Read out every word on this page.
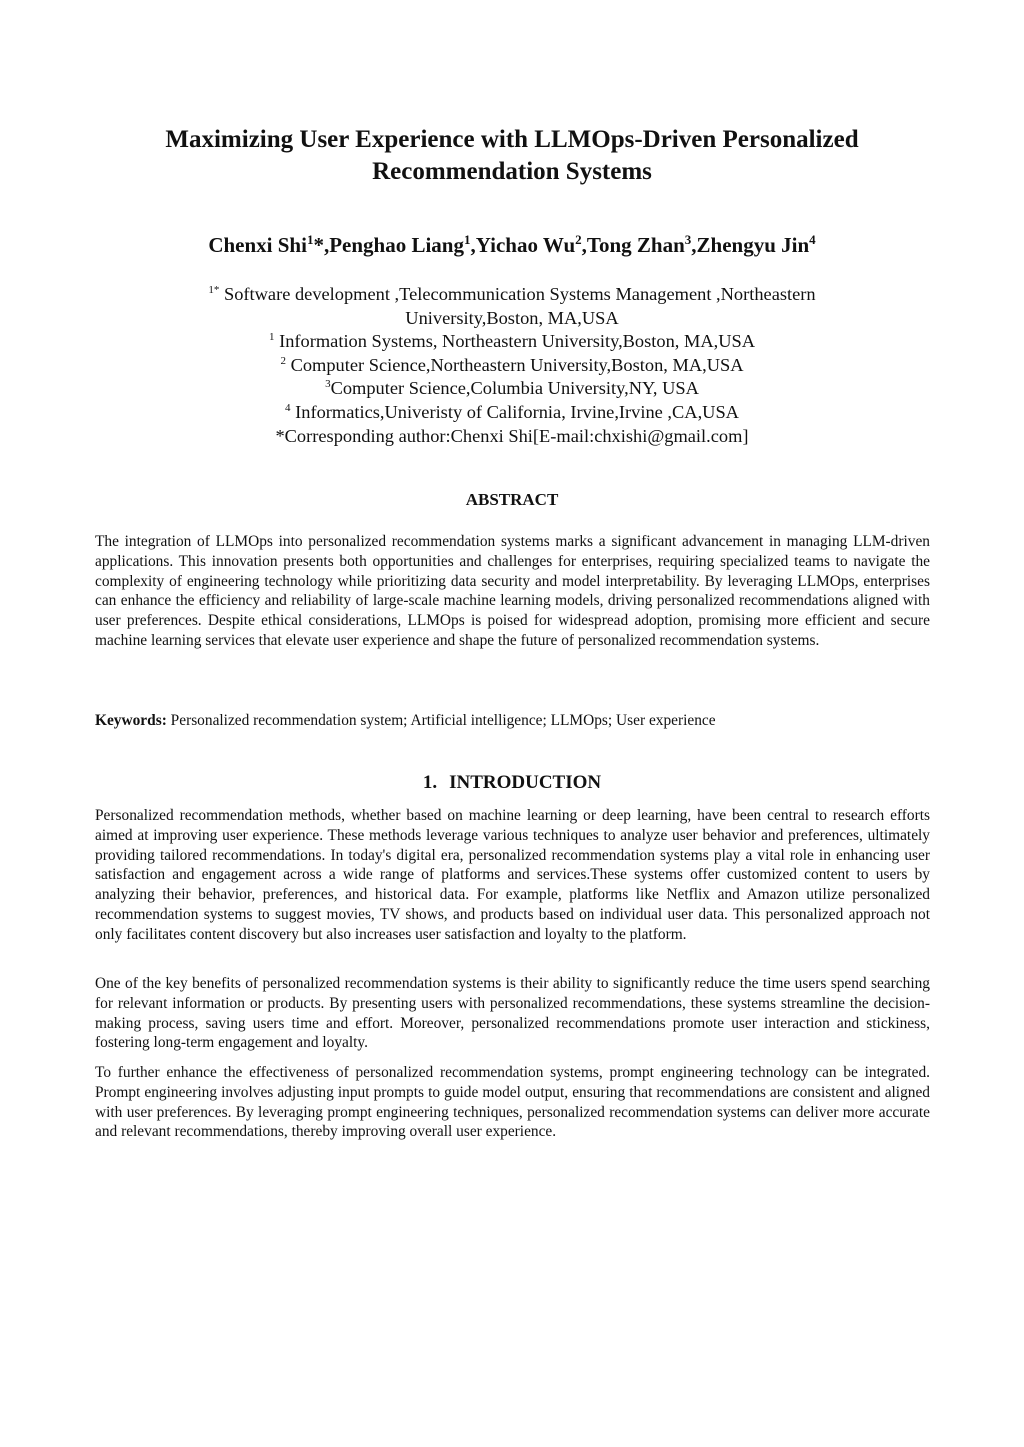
Maximizing User Experience with LLMOps-Driven Personalized
Recommendation Systems
Chenxi Shi$^1$*,Penghao Liang$^1$,Yichao Wu$^2$,Tong Zhan$^3$,Zhengyu Jin$^4$
$^{1*}$ Software development ,Telecommunication Systems Management ,Northeastern
University,Boston, MA,USA
$^1$ Information Systems, Northeastern University,Boston, MA,USA
$^2$ Computer Science,Northeastern University,Boston, MA,USA
$^3$Computer Science,Columbia University,NY, USA
$^4$ Informatics,Univeristy of California, Irvine,Irvine ,CA,USA
*Corresponding author:Chenxi Shi[E-mail:chxishi@gmail.com]
ABSTRACT

The integration of LLMOps into personalized recommendation systems marks a significant advancement in managing LLM-driven applications. This innovation presents both opportunities and challenges for enterprises, requiring specialized teams to navigate the complexity of engineering technology while prioritizing data security and model interpretability. By leveraging LLMOps, enterprises can enhance the efficiency and reliability of large-scale machine learning models, driving personalized recommendations aligned with user preferences. Despite ethical considerations, LLMOps is poised for widespread adoption, promising more efficient and secure machine learning services that elevate user experience and shape the future of personalized recommendation systems.

Keywords: Personalized recommendation system; Artificial intelligence; LLMOps; User experience

1. INTRODUCTION

Personalized recommendation methods, whether based on machine learning or deep learning, have been central to research efforts aimed at improving user experience. These methods leverage various techniques to analyze user behavior and preferences, ultimately providing tailored recommendations. In today's digital era, personalized recommendation systems play a vital role in enhancing user satisfaction and engagement across a wide range of platforms and services.These systems offer customized content to users by analyzing their behavior, preferences, and historical data. For example, platforms like Netflix and Amazon utilize personalized recommendation systems to suggest movies, TV shows, and products based on individual user data. This personalized approach not only facilitates content discovery but also increases user satisfaction and loyalty to the platform.

One of the key benefits of personalized recommendation systems is their ability to significantly reduce the time users spend searching for relevant information or products. By presenting users with personalized recommendations, these systems streamline the decision-making process, saving users time and effort. Moreover, personalized recommendations promote user interaction and stickiness, fostering long-term engagement and loyalty.

To further enhance the effectiveness of personalized recommendation systems, prompt engineering technology can be integrated. Prompt engineering involves adjusting input prompts to guide model output, ensuring that recommendations are consistent and aligned with user preferences. By leveraging prompt engineering techniques, personalized recommendation systems can deliver more accurate and relevant recommendations, thereby improving overall user experience.
